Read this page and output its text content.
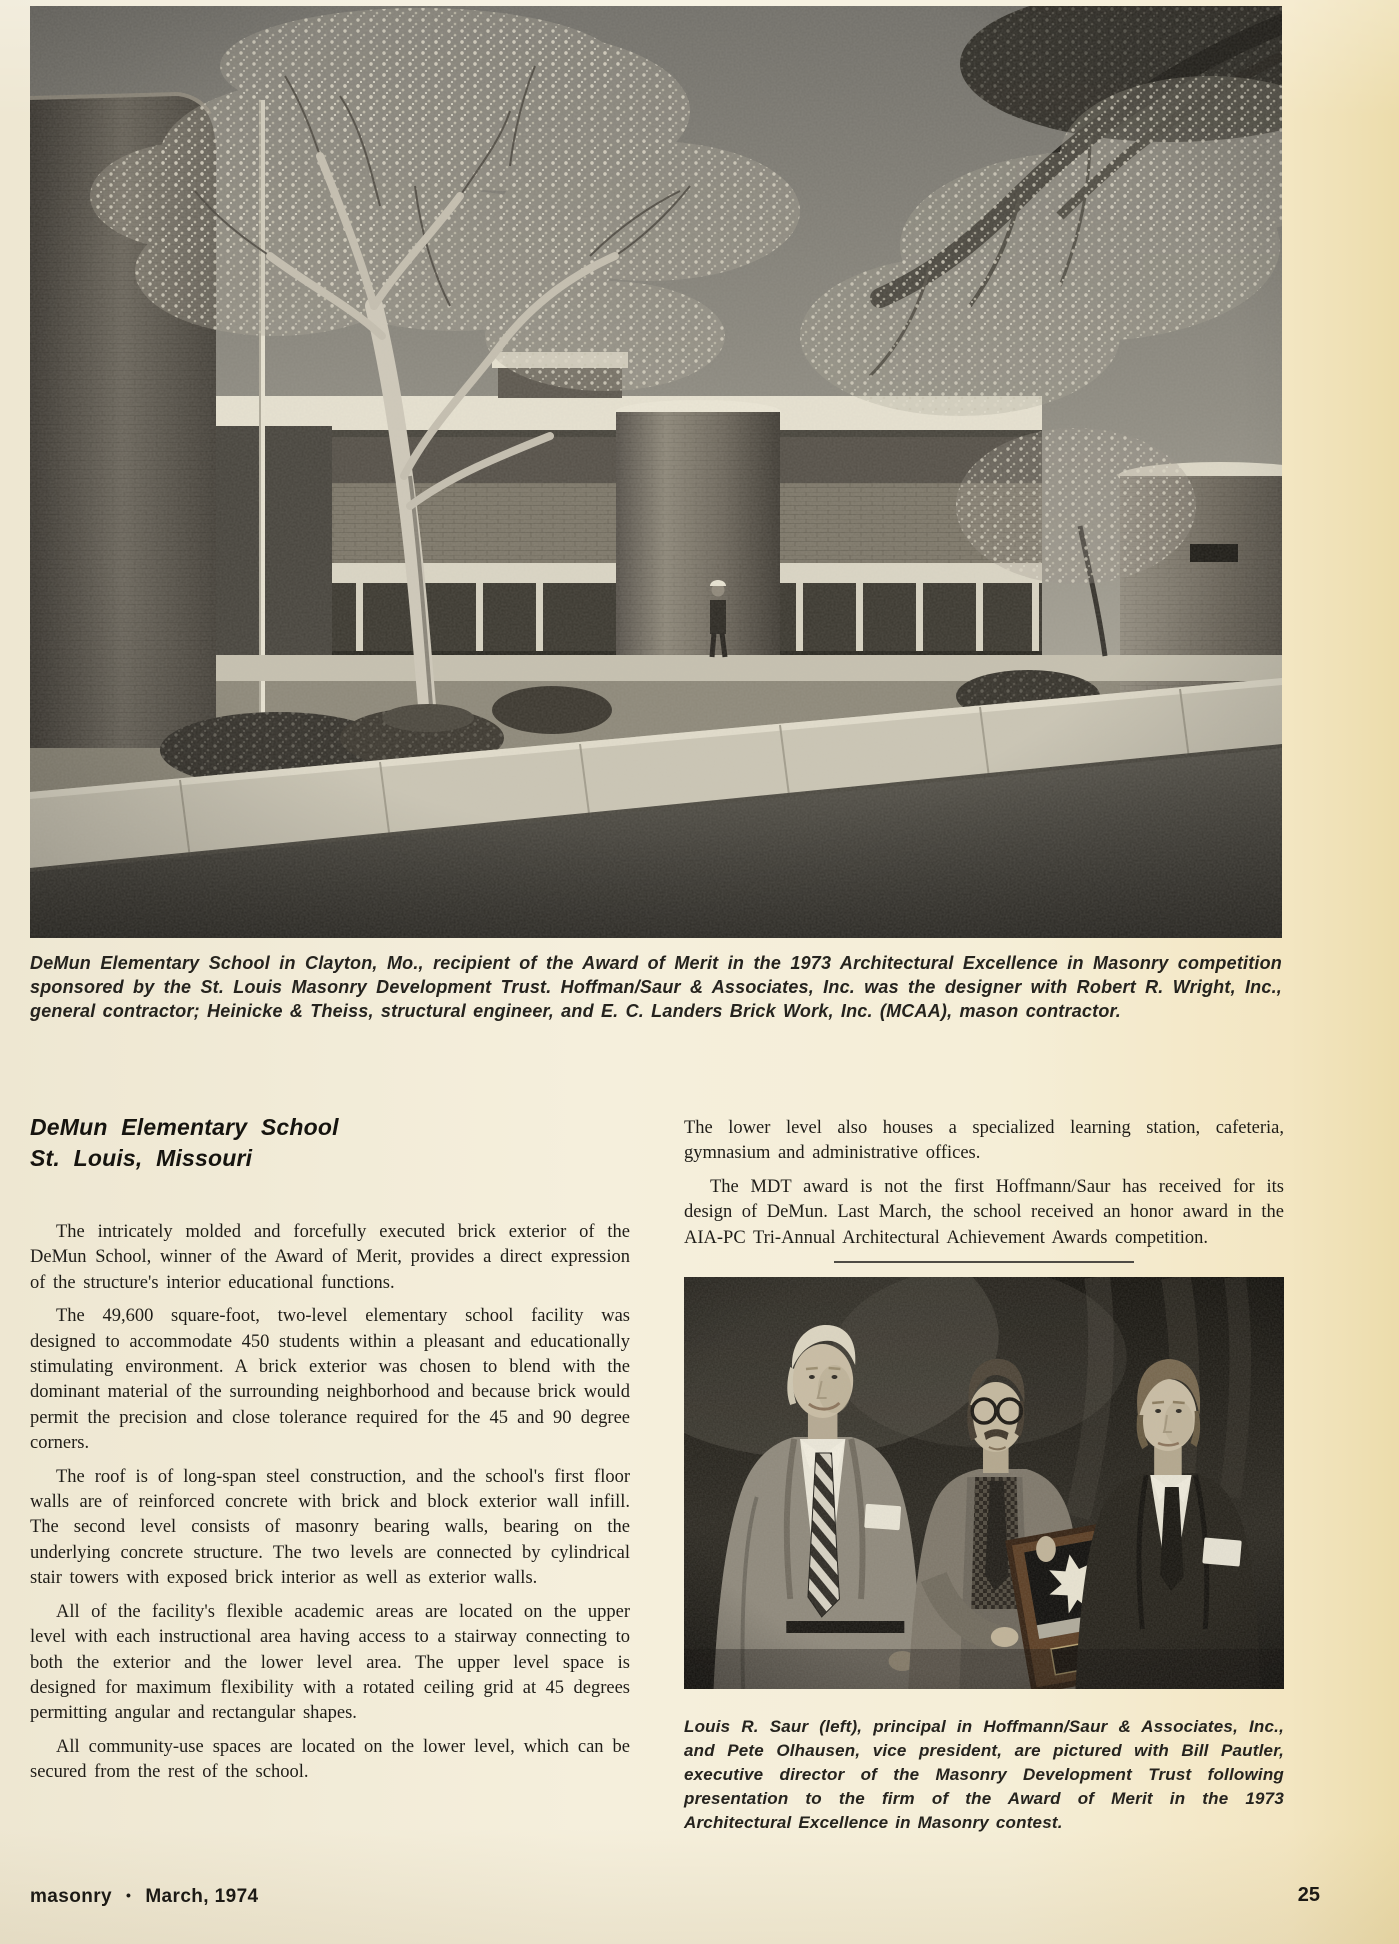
DeMun Elementary School in Clayton, Mo., recipient of the Award of Merit in the 1973 Architectural Excellence in Masonry competition sponsored by the St. Louis Masonry Development Trust. Hoffman/Saur & Associates, Inc. was the designer with Robert R. Wright, Inc., general contractor; Heinicke & Theiss, structural engineer, and E. C. Landers Brick Work, Inc. (MCAA), mason contractor.

DeMun Elementary School
St. Louis, Missouri

The intricately molded and forcefully executed brick exterior of the DeMun School, winner of the Award of Merit, provides a direct expression of the structure's interior educational functions.

The 49,600 square-foot, two-level elementary school facility was designed to accommodate 450 students within a pleasant and educationally stimulating environment. A brick exterior was chosen to blend with the dominant material of the surrounding neighborhood and because brick would permit the precision and close tolerance required for the 45 and 90 degree corners.

The roof is of long-span steel construction, and the school's first floor walls are of reinforced concrete with brick and block exterior wall infill. The second level consists of masonry bearing walls, bearing on the underlying concrete structure. The two levels are connected by cylindrical stair towers with exposed brick interior as well as exterior walls.

All of the facility's flexible academic areas are located on the upper level with each instructional area having access to a stairway connecting to both the exterior and the lower level area. The upper level space is designed for maximum flexibility with a rotated ceiling grid at 45 degrees permitting angular and rectangular shapes.

All community-use spaces are located on the lower level, which can be secured from the rest of the school.

The lower level also houses a specialized learning station, cafeteria, gymnasium and administrative offices.

The MDT award is not the first Hoffmann/Saur has received for its design of DeMun. Last March, the school received an honor award in the AIA-PC Tri-Annual Architectural Achievement Awards competition.

Louis R. Saur (left), principal in Hoffmann/Saur & Associates, Inc., and Pete Olhausen, vice president, are pictured with Bill Pautler, executive director of the Masonry Development Trust following presentation to the firm of the Award of Merit in the 1973 Architectural Excellence in Masonry contest.

masonry • March, 1974	25
